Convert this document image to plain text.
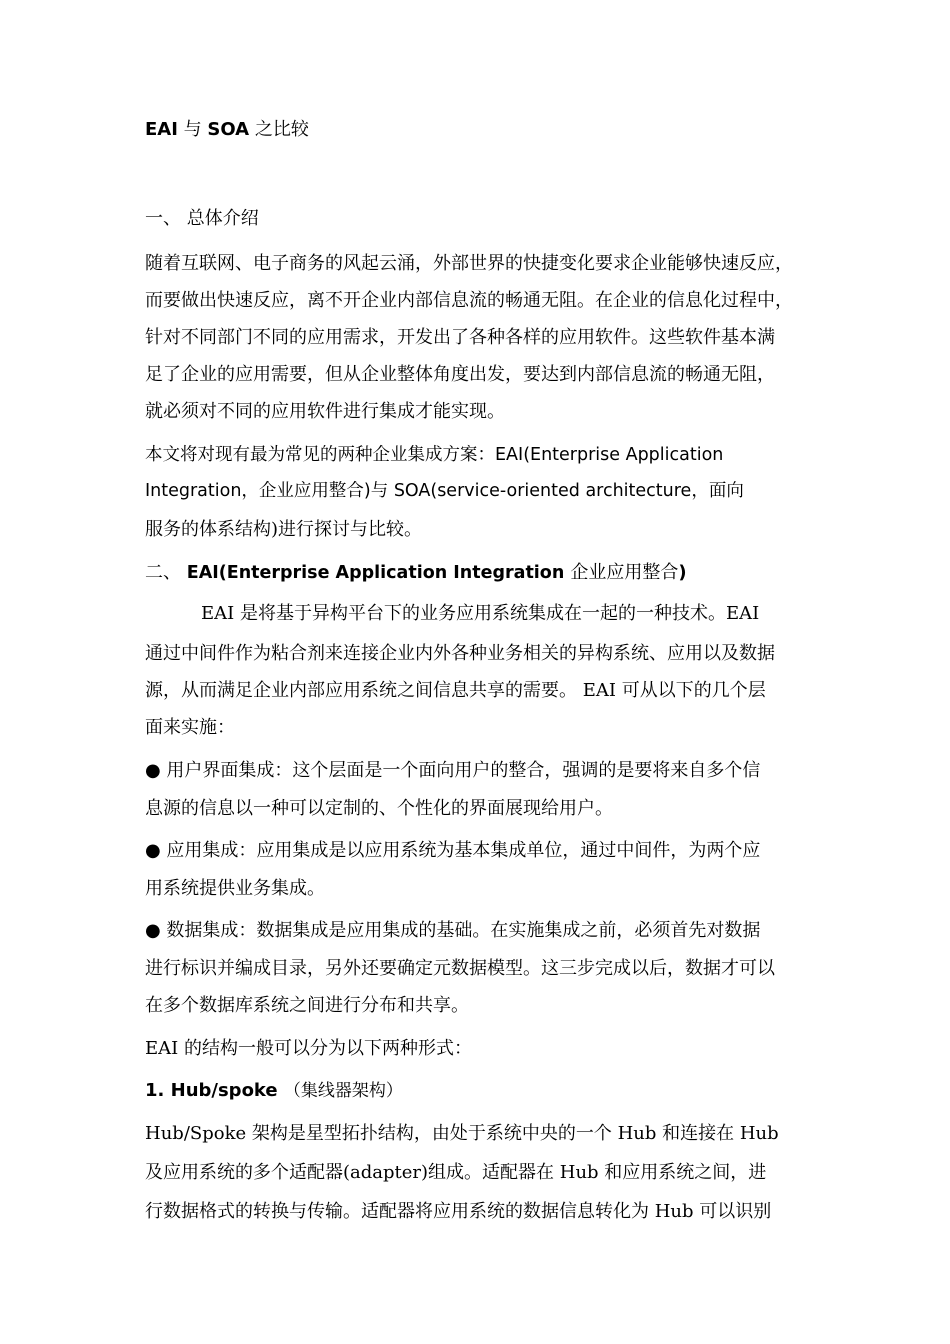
EAI 与 SOA 之比较
一、 总体介绍
随着互联网、电子商务的风起云涌，外部世界的快捷变化要求企业能够快速反应，
而要做出快速反应，离不开企业内部信息流的畅通无阻。在企业的信息化过程中，
针对不同部门不同的应用需求，开发出了各种各样的应用软件。这些软件基本满
足了企业的应用需要，但从企业整体角度出发，要达到内部信息流的畅通无阻，
就必须对不同的应用软件进行集成才能实现。
本文将对现有最为常见的两种企业集成方案：EAI(Enterprise Application
Integration，企业应用整合)与 SOA(service-oriented architecture，面向
服务的体系结构)进行探讨与比较。
二、 EAI(Enterprise Application Integration 企业应用整合)
EAI 是将基于异构平台下的业务应用系统集成在一起的一种技术。EAI
通过中间件作为粘合剂来连接企业内外各种业务相关的异构系统、应用以及数据
源，从而满足企业内部应用系统之间信息共享的需要。 EAI 可从以下的几个层
面来实施：
● 用户界面集成：这个层面是一个面向用户的整合，强调的是要将来自多个信
息源的信息以一种可以定制的、个性化的界面展现给用户。
● 应用集成：应用集成是以应用系统为基本集成单位，通过中间件，为两个应
用系统提供业务集成。
● 数据集成：数据集成是应用集成的基础。在实施集成之前，必须首先对数据
进行标识并编成目录，另外还要确定元数据模型。这三步完成以后，数据才可以
在多个数据库系统之间进行分布和共享。
EAI 的结构一般可以分为以下两种形式：
1. Hub/spoke （集线器架构）
Hub/Spoke 架构是星型拓扑结构，由处于系统中央的一个 Hub 和连接在 Hub
及应用系统的多个适配器(adapter)组成。适配器在 Hub 和应用系统之间，进
行数据格式的转换与传输。适配器将应用系统的数据信息转化为 Hub 可以识别
